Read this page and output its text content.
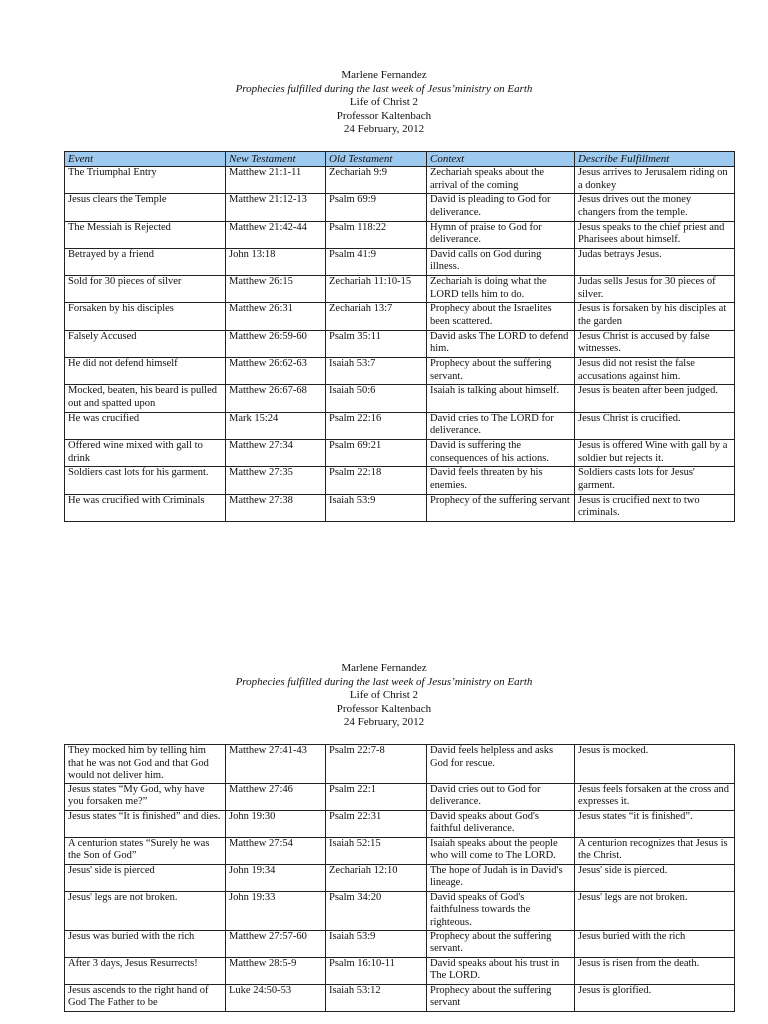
Marlene Fernandez
Prophecies fulfilled during the last week of Jesus’ministry on Earth
Life of Christ 2
Professor Kaltenbach
24 February, 2012
Event	New Testament	Old Testament	Context	Describe Fulfillment
The Triumphal Entry	Matthew 21:1-11	Zechariah 9:9	Zechariah speaks about the arrival of the coming	Jesus arrives to Jerusalem riding on a donkey
Jesus clears the Temple	Matthew 21:12-13	Psalm 69:9	David is pleading to God for deliverance.	Jesus drives out the money changers from the temple.
The Messiah is Rejected	Matthew 21:42-44	Psalm 118:22	Hymn of praise to God for deliverance.	Jesus speaks to the chief priest and Pharisees about himself.
Betrayed by a friend	John 13:18	Psalm 41:9	David calls on God during illness.	Judas betrays Jesus.
Sold for 30 pieces of silver	Matthew 26:15	Zechariah 11:10-15	Zechariah is doing what the LORD tells him to do.	Judas sells Jesus for 30 pieces of silver.
Forsaken by his disciples	Matthew 26:31	Zechariah 13:7	Prophecy about the Israelites been scattered.	Jesus is forsaken by his disciples at the garden
Falsely Accused	Matthew 26:59-60	Psalm 35:11	David asks The LORD to defend him.	Jesus Christ is accused by false witnesses.
He did not defend himself	Matthew 26:62-63	Isaiah 53:7	Prophecy about the suffering servant.	Jesus did not resist the false accusations against him.
Mocked, beaten, his beard is pulled out and spatted upon	Matthew 26:67-68	Isaiah 50:6	Isaiah is talking about himself.	Jesus is beaten after been judged.
He was crucified	Mark 15:24	Psalm 22:16	David cries to The LORD for deliverance.	Jesus Christ is crucified.
Offered wine mixed with gall to drink	Matthew 27:34	Psalm 69:21	David is suffering the consequences of his actions.	Jesus is offered Wine with gall by a soldier but rejects it.
Soldiers cast lots for his garment.	Matthew 27:35	Psalm 22:18	David feels threaten by his enemies.	Soldiers casts lots for Jesus' garment.
He was crucified with Criminals	Matthew 27:38	Isaiah 53:9	Prophecy of the suffering servant	Jesus is crucified next to two criminals.
Marlene Fernandez
Prophecies fulfilled during the last week of Jesus’ministry on Earth
Life of Christ 2
Professor Kaltenbach
24 February, 2012
They mocked him by telling him that he was not God and that God would not deliver him.	Matthew 27:41-43	Psalm 22:7-8	David feels helpless and asks God for rescue.	Jesus is mocked.
Jesus states “My God, why have you forsaken me?”	Matthew 27:46	Psalm 22:1	David cries out to God for deliverance.	Jesus feels forsaken at the cross and expresses it.
Jesus states “It is finished” and dies.	John 19:30	Psalm 22:31	David speaks about God's faithful deliverance.	Jesus states “it is finished”.
A centurion states “Surely he was the Son of God”	Matthew 27:54	Isaiah 52:15	Isaiah speaks about the people who will come to The LORD.	A centurion recognizes that Jesus is the Christ.
Jesus' side is pierced	John 19:34	Zechariah 12:10	The hope of Judah is in David's lineage.	Jesus' side is pierced.
Jesus' legs are not broken.	John 19:33	Psalm 34:20	David speaks of God's faithfulness towards the righteous.	Jesus' legs are not broken.
Jesus was buried with the rich	Matthew 27:57-60	Isaiah 53:9	Prophecy about the suffering servant.	Jesus buried with the rich
After 3 days, Jesus Resurrects!	Matthew 28:5-9	Psalm 16:10-11	David speaks about his trust in The LORD.	Jesus is risen from the death.
Jesus ascends to the right hand of God The Father to be	Luke 24:50-53	Isaiah 53:12	Prophecy about the suffering servant	Jesus is glorified.
